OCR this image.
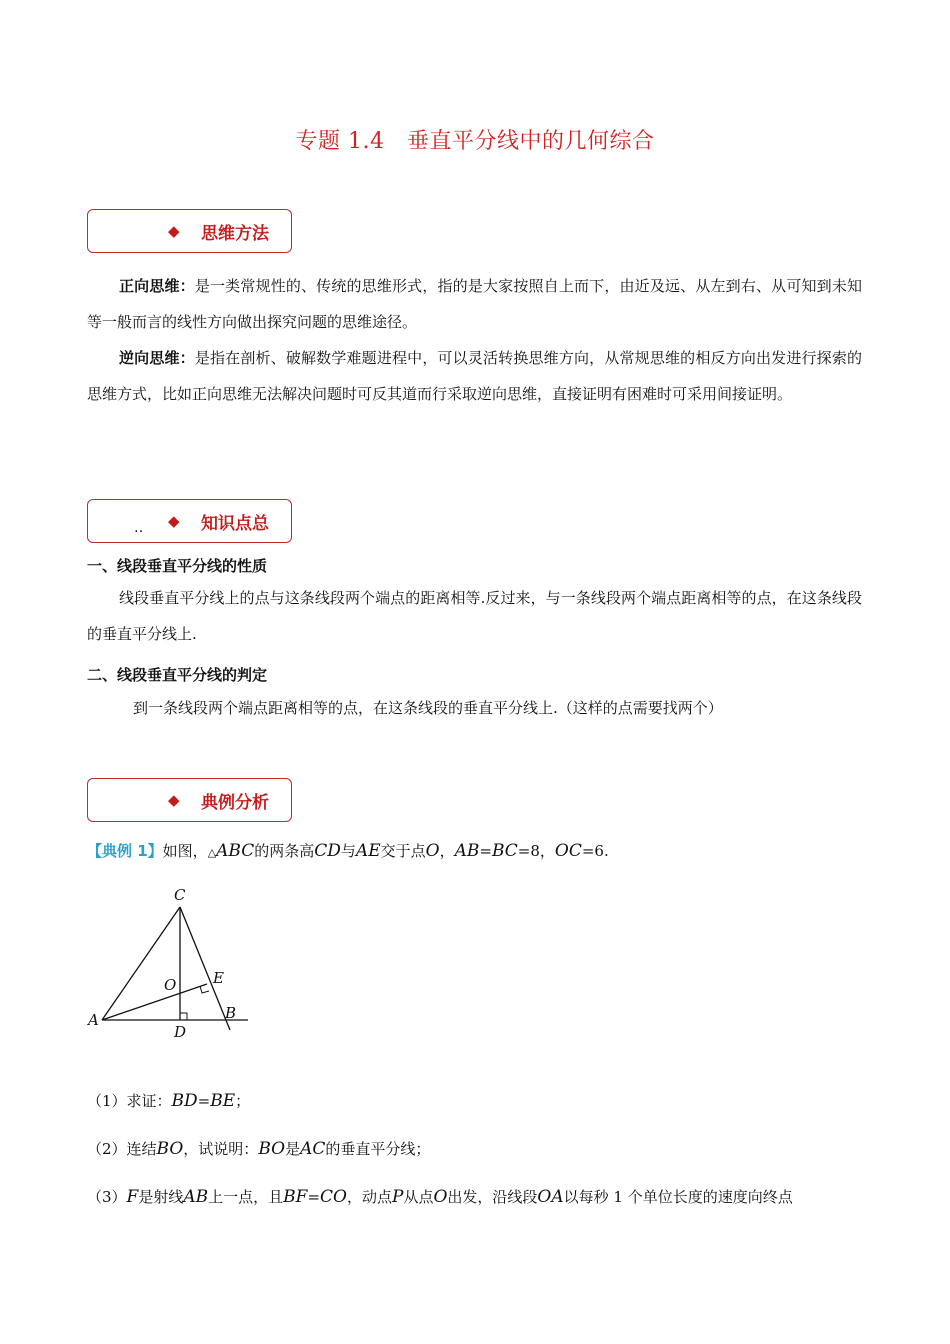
专题 1.4　垂直平分线中的几何综合
◆ 思维方法
正向思维：是一类常规性的、传统的思维形式，指的是大家按照自上而下，由近及远、从左到右、从可知到未知等一般而言的线性方向做出探究问题的思维途径。
逆向思维：是指在剖析、破解数学难题进程中，可以灵活转换思维方向，从常规思维的相反方向出发进行探索的思维方式，比如正向思维无法解决问题时可反其道而行采取逆向思维，直接证明有困难时可采用间接证明。
‥ ◆ 知识点总
一、线段垂直平分线的性质
线段垂直平分线上的点与这条线段两个端点的距离相等.反过来，与一条线段两个端点距离相等的点，在这条线段的垂直平分线上.
二、线段垂直平分线的判定
到一条线段两个端点距离相等的点，在这条线段的垂直平分线上.（这样的点需要找两个）
◆ 典例分析
【典例 1】如图，△ABC的两条高CD与AE交于点O，AB=BC=8，OC=6.
C
O E
B
A
D
（1）求证：BD=BE；
（2）连结BO，试说明：BO是AC的垂直平分线；
（3）F是射线AB上一点，且BF=CO，动点P从点O出发，沿线段OA以每秒 1 个单位长度的速度向终点
